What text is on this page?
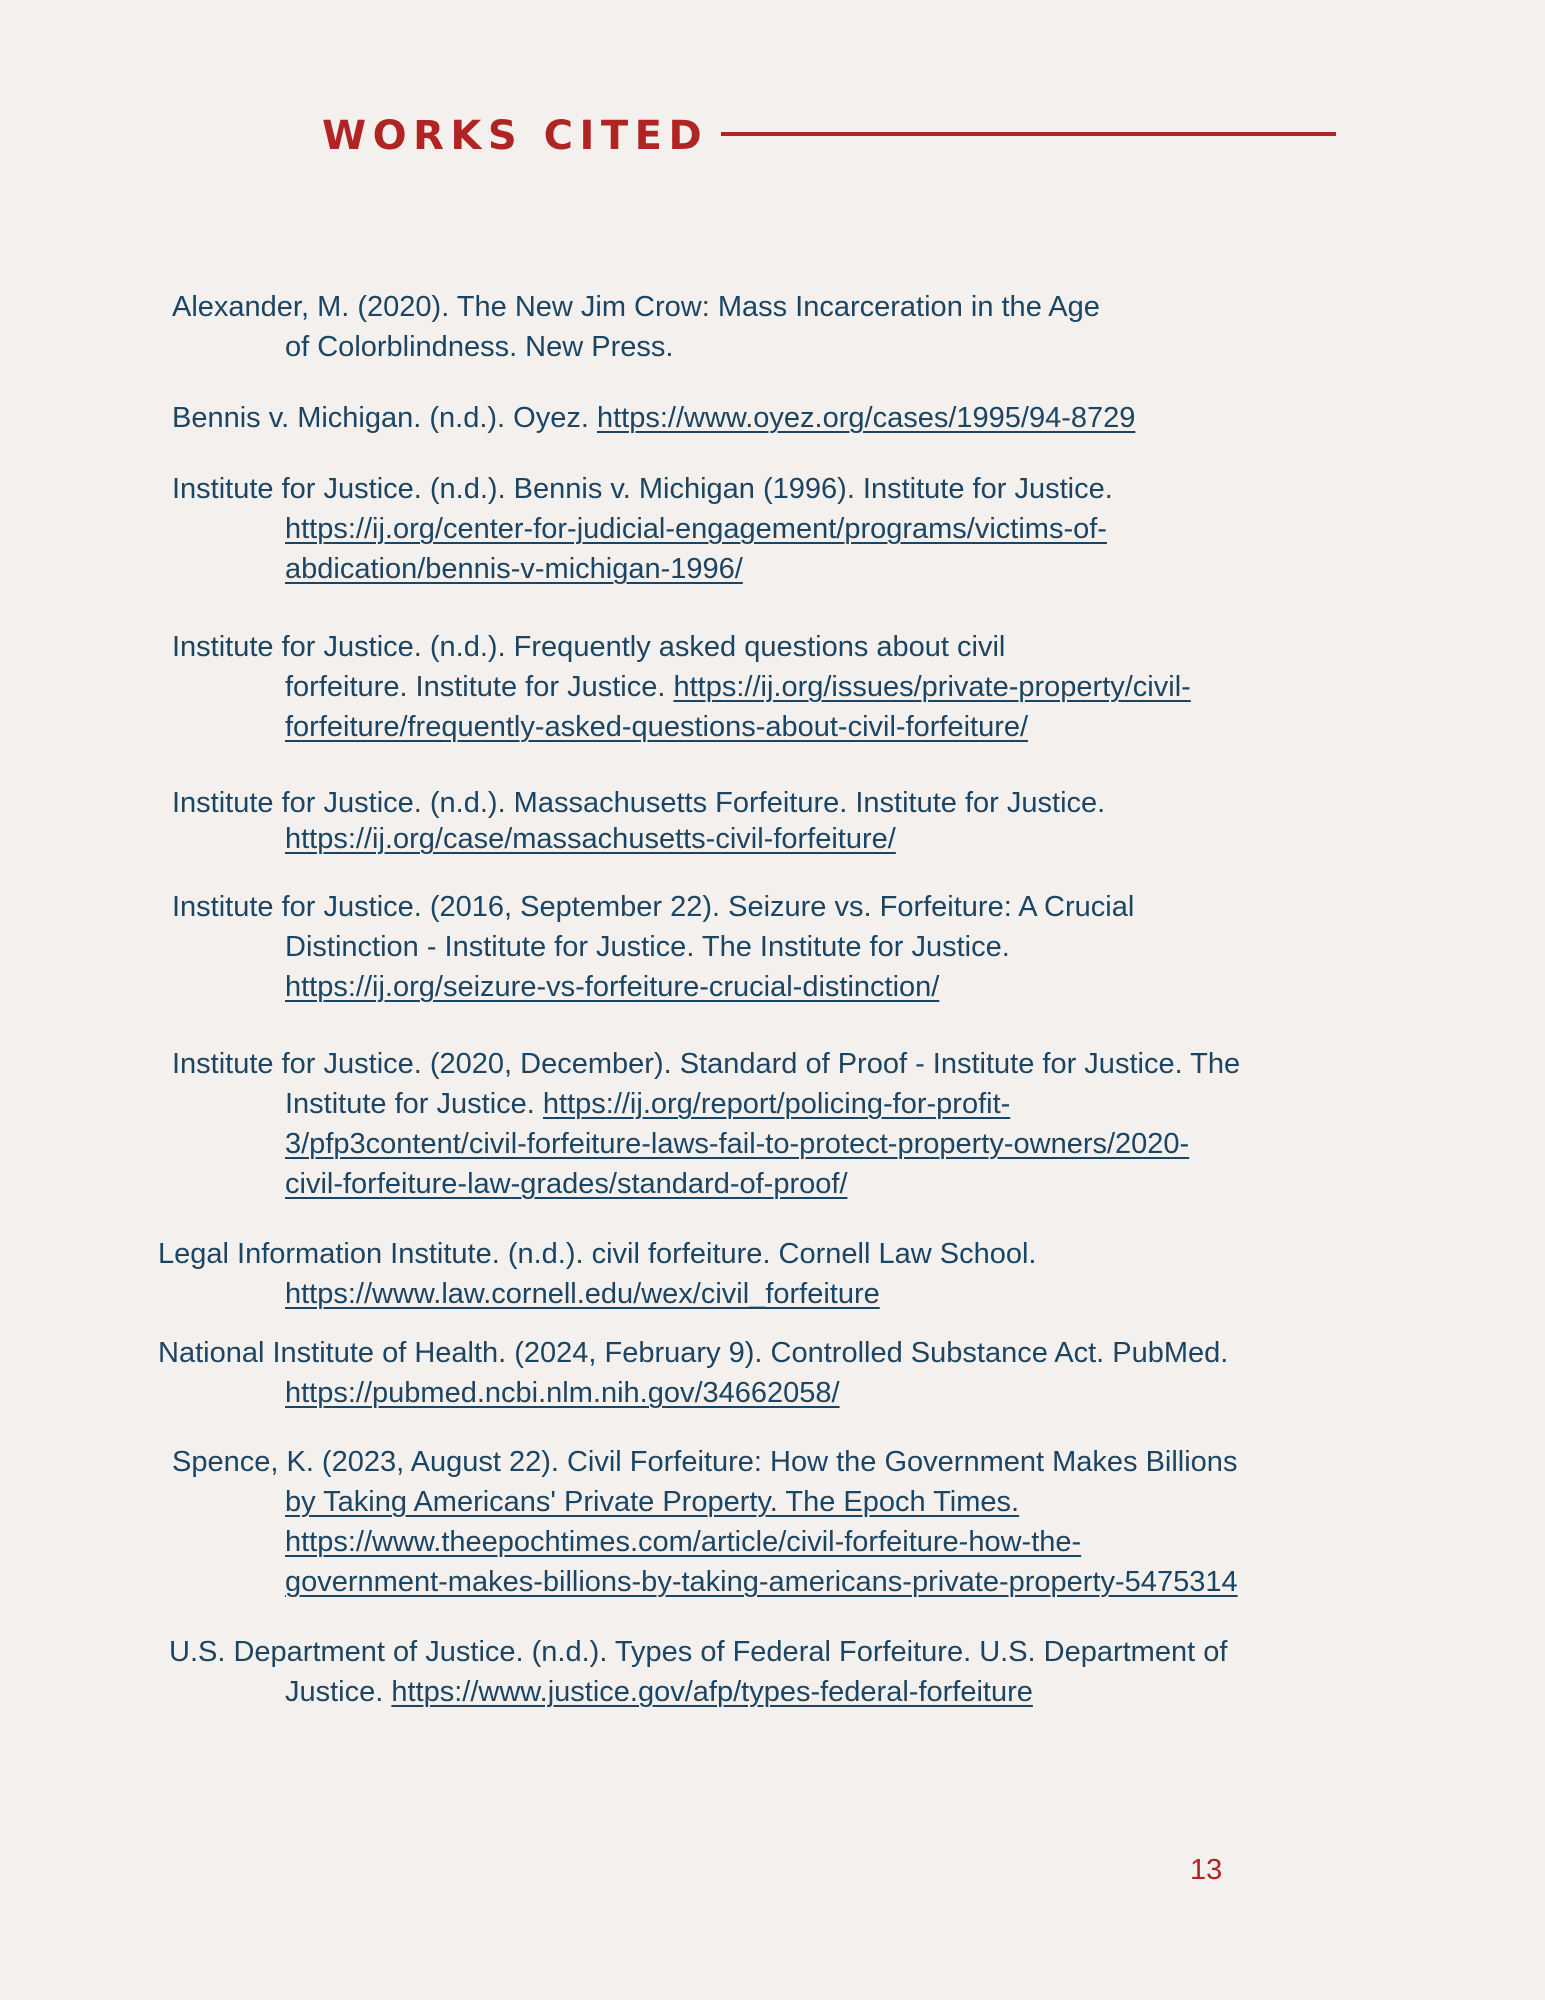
WORKS CITED
Alexander, M. (2020). The New Jim Crow: Mass Incarceration in the Age
of Colorblindness. New Press.
Bennis v. Michigan. (n.d.). Oyez. https://www.oyez.org/cases/1995/94-8729
Institute for Justice. (n.d.). Bennis v. Michigan (1996). Institute for Justice.
https://ij.org/center-for-judicial-engagement/programs/victims-of-
abdication/bennis-v-michigan-1996/
Institute for Justice. (n.d.). Frequently asked questions about civil
forfeiture. Institute for Justice. https://ij.org/issues/private-property/civil-
forfeiture/frequently-asked-questions-about-civil-forfeiture/
Institute for Justice. (n.d.). Massachusetts Forfeiture. Institute for Justice.
https://ij.org/case/massachusetts-civil-forfeiture/
Institute for Justice. (2016, September 22). Seizure vs. Forfeiture: A Crucial
Distinction - Institute for Justice. The Institute for Justice.
https://ij.org/seizure-vs-forfeiture-crucial-distinction/
Institute for Justice. (2020, December). Standard of Proof - Institute for Justice. The
Institute for Justice. https://ij.org/report/policing-for-profit-
3/pfp3content/civil-forfeiture-laws-fail-to-protect-property-owners/2020-
civil-forfeiture-law-grades/standard-of-proof/
Legal Information Institute. (n.d.). civil forfeiture. Cornell Law School.
https://www.law.cornell.edu/wex/civil_forfeiture
National Institute of Health. (2024, February 9). Controlled Substance Act. PubMed.
https://pubmed.ncbi.nlm.nih.gov/34662058/
Spence, K. (2023, August 22). Civil Forfeiture: How the Government Makes Billions
by Taking Americans' Private Property. The Epoch Times.
https://www.theepochtimes.com/article/civil-forfeiture-how-the-
government-makes-billions-by-taking-americans-private-property-5475314
U.S. Department of Justice. (n.d.). Types of Federal Forfeiture. U.S. Department of
Justice. https://www.justice.gov/afp/types-federal-forfeiture
13
